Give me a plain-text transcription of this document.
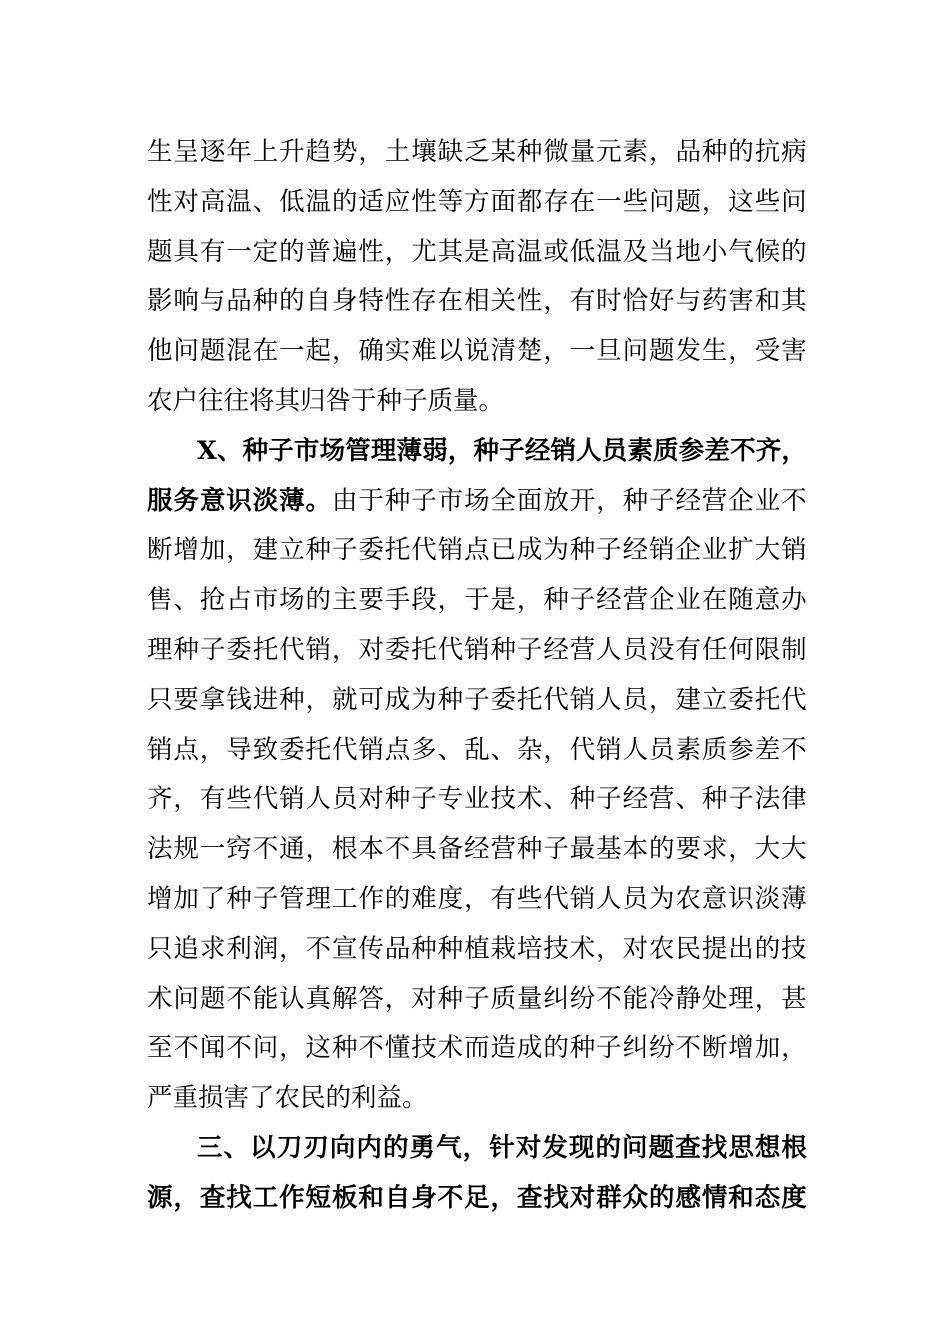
生 呈 逐 年 上 升 趋 势 ， 土 壤 缺 乏 某 种 微 量 元 素 ， 品 种 的 抗 病
性 对 高 温 、 低 温 的 适 应 性 等 方 面 都 存 在 一 些 问 题 ， 这 些 问
题 具 有 一 定 的 普 遍 性 ， 尤 其 是 高 温 或 低 温 及 当 地 小 气 候 的
影 响 与 品 种 的 自 身 特 性 存 在 相 关 性 ， 有 时 恰 好 与 药 害 和 其
他 问 题 混 在 一 起 ， 确 实 难 以 说 清 楚 ， 一 旦 问 题 发 生 ， 受 害
农户往往将其归咎于种子质量。
X 、 种 子 市 场 管 理 薄 弱 ， 种 子 经 销 人 员 素 质 参 差 不 齐 ，
服 务 意 识 淡 薄 。 由 于 种 子 市 场 全 面 放 开 ， 种 子 经 营 企 业 不
断 增 加 ， 建 立 种 子 委 托 代 销 点 已 成 为 种 子 经 销 企 业 扩 大 销
售 、 抢 占 市 场 的 主 要 手 段 ， 于 是 ， 种 子 经 营 企 业 在 随 意 办
理 种 子 委 托 代 销 ， 对 委 托 代 销 种 子 经 营 人 员 没 有 任 何 限 制
只 要 拿 钱 进 种 ， 就 可 成 为 种 子 委 托 代 销 人 员 ， 建 立 委 托 代
销 点 ， 导 致 委 托 代 销 点 多 、 乱 、 杂 ， 代 销 人 员 素 质 参 差 不
齐 ， 有 些 代 销 人 员 对 种 子 专 业 技 术 、 种 子 经 营 、 种 子 法 律
法 规 一 窍 不 通 ， 根 本 不 具 备 经 营 种 子 最 基 本 的 要 求 ， 大 大
增 加 了 种 子 管 理 工 作 的 难 度 ， 有 些 代 销 人 员 为 农 意 识 淡 薄
只 追 求 利 润 ， 不 宣 传 品 种 种 植 栽 培 技 术 ， 对 农 民 提 出 的 技
术 问 题 不 能 认 真 解 答 ， 对 种 子 质 量 纠 纷 不 能 冷 静 处 理 ， 甚
至 不 闻 不 问 ， 这 种 不 懂 技 术 而 造 成 的 种 子 纠 纷 不 断 增 加 ，
严重损害了农民的利益。
三 、 以 刀 刃 向 内 的 勇 气 ， 针 对 发 现 的 问 题 查 找 思 想 根
源 ， 查 找 工 作 短 板 和 自 身 不 足 ， 查 找 对 群 众 的 感 情 和 态 度
